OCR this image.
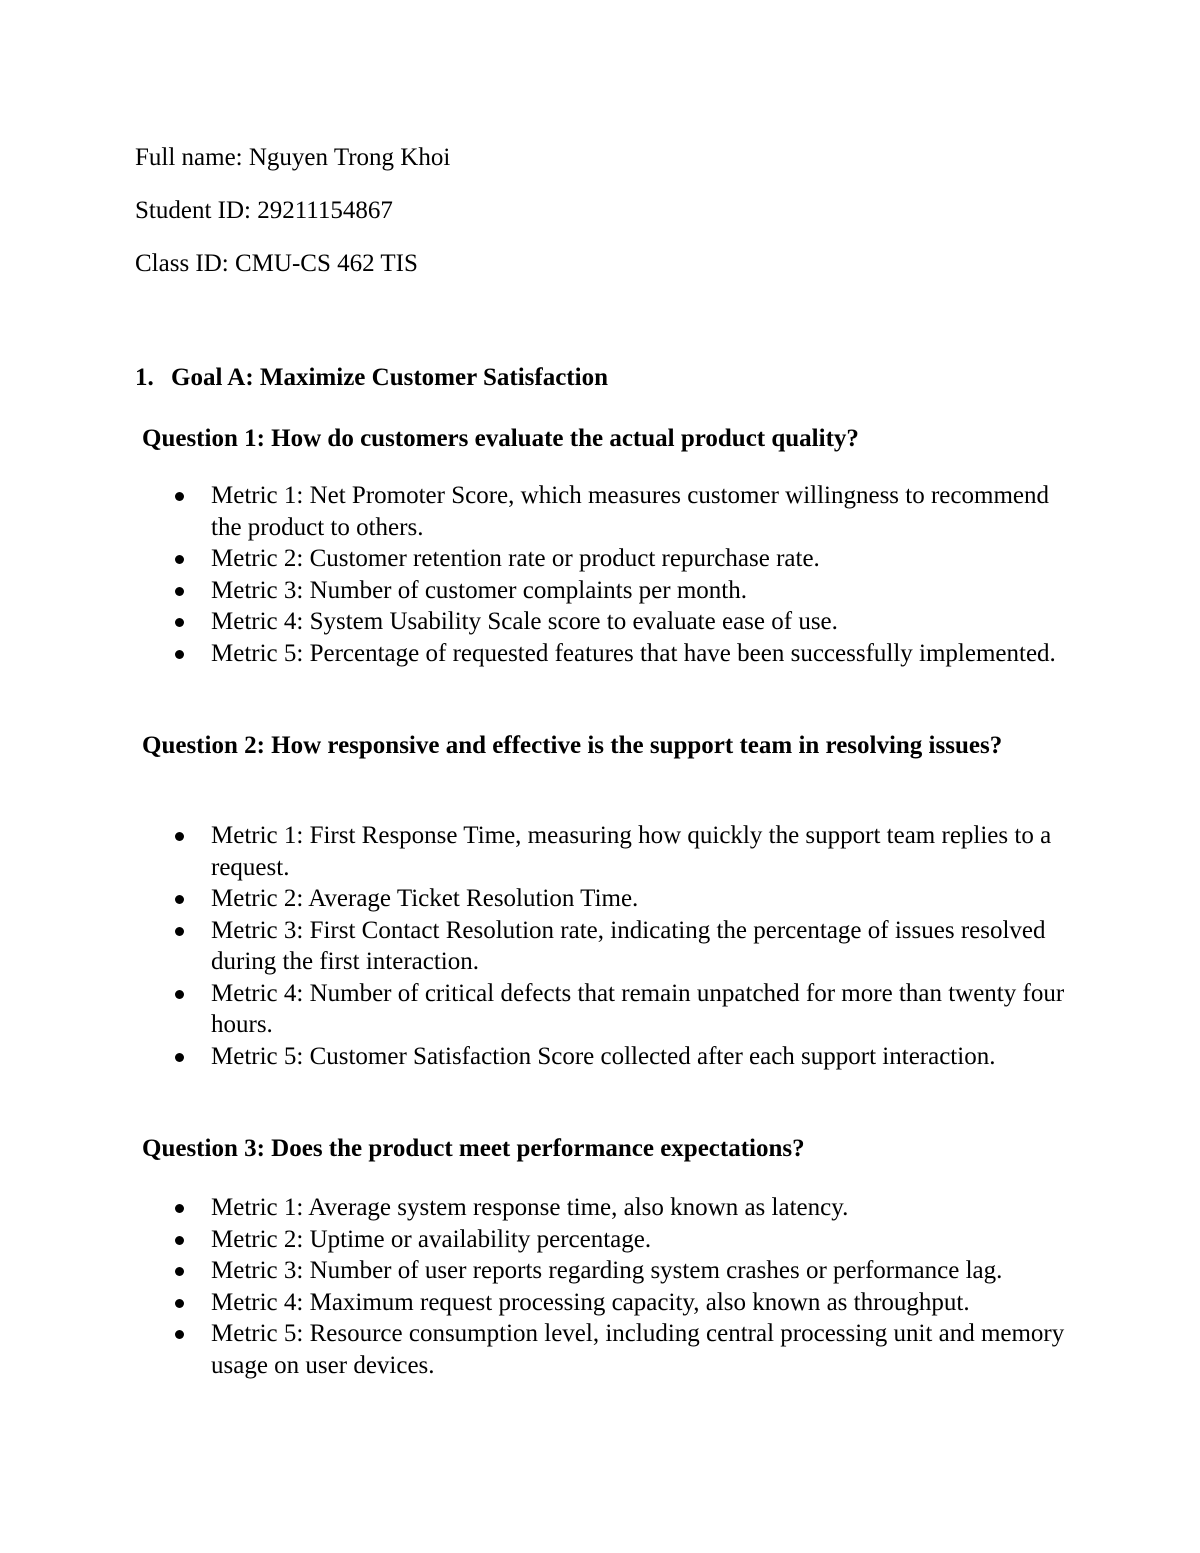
Full name: Nguyen Trong Khoi
Student ID: 29211154867
Class ID: CMU-CS 462 TIS
1. Goal A: Maximize Customer Satisfaction
Question 1: How do customers evaluate the actual product quality?
Metric 1: Net Promoter Score, which measures customer willingness to recommend the product to others.
Metric 2: Customer retention rate or product repurchase rate.
Metric 3: Number of customer complaints per month.
Metric 4: System Usability Scale score to evaluate ease of use.
Metric 5: Percentage of requested features that have been successfully implemented.
Question 2: How responsive and effective is the support team in resolving issues?
Metric 1: First Response Time, measuring how quickly the support team replies to a request.
Metric 2: Average Ticket Resolution Time.
Metric 3: First Contact Resolution rate, indicating the percentage of issues resolved during the first interaction.
Metric 4: Number of critical defects that remain unpatched for more than twenty four hours.
Metric 5: Customer Satisfaction Score collected after each support interaction.
Question 3: Does the product meet performance expectations?
Metric 1: Average system response time, also known as latency.
Metric 2: Uptime or availability percentage.
Metric 3: Number of user reports regarding system crashes or performance lag.
Metric 4: Maximum request processing capacity, also known as throughput.
Metric 5: Resource consumption level, including central processing unit and memory usage on user devices.
